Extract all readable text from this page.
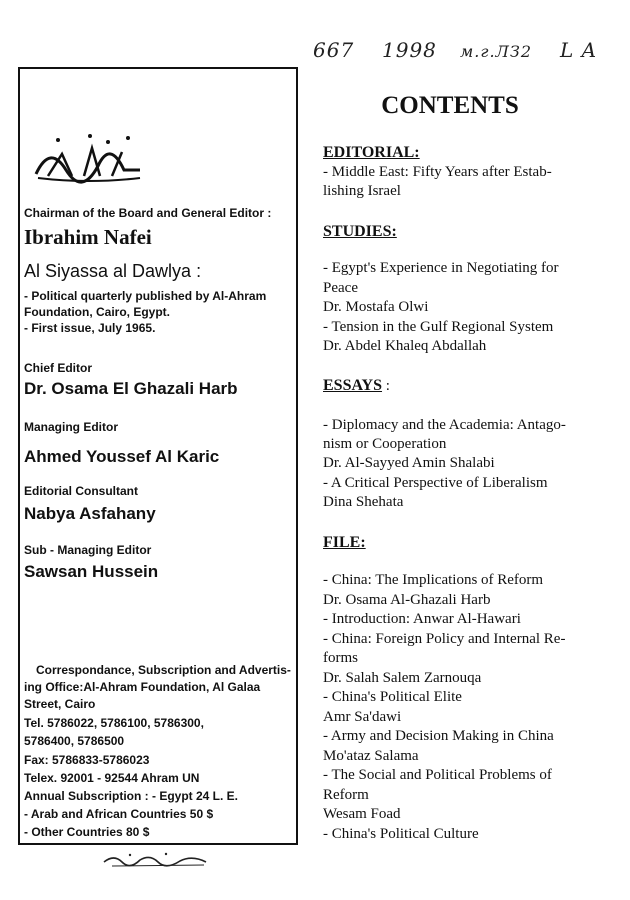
667 1998 м.г.ЛЗ2 L A
Chairman of the Board and General Editor :
Ibrahim Nafei
Al Siyassa al Dawlya :
- Political quarterly published by Al-Ahram
Foundation, Cairo, Egypt.
- First issue, July 1965.
Chief Editor
Dr. Osama El Ghazali Harb
Managing Editor
Ahmed Youssef Al Karic
Editorial Consultant
Nabya Asfahany
Sub - Managing Editor
Sawsan Hussein
Correspondance, Subscription and Advertis-
ing Office:Al-Ahram Foundation, Al Galaa
Street, Cairo
Tel. 5786022, 5786100, 5786300,
5786400, 5786500
Fax: 5786833-5786023
Telex. 92001 - 92544 Ahram UN
Annual Subscription : - Egypt 24 L. E.
- Arab and African Countries 50 $
- Other Countries 80 $
CONTENTS
EDITORIAL:
- Middle East: Fifty Years after Estab-
lishing Israel
STUDIES:
- Egypt's Experience in Negotiating for
Peace
Dr. Mostafa Olwi
- Tension in the Gulf Regional System
Dr. Abdel Khaleq Abdallah
ESSAYS :
- Diplomacy and the Academia: Antago-
nism or Cooperation
Dr. Al-Sayyed Amin Shalabi
- A Critical Perspective of Liberalism
Dina Shehata
FILE:
- China: The Implications of Reform
Dr. Osama Al-Ghazali Harb
- Introduction: Anwar Al-Hawari
- China: Foreign Policy and Internal Re-
forms
Dr. Salah Salem Zarnouqa
- China's Political Elite
Amr Sa'dawi
- Army and Decision Making in China
Mo'ataz Salama
- The Social and Political Problems of
Reform
Wesam Foad
- China's Political Culture
